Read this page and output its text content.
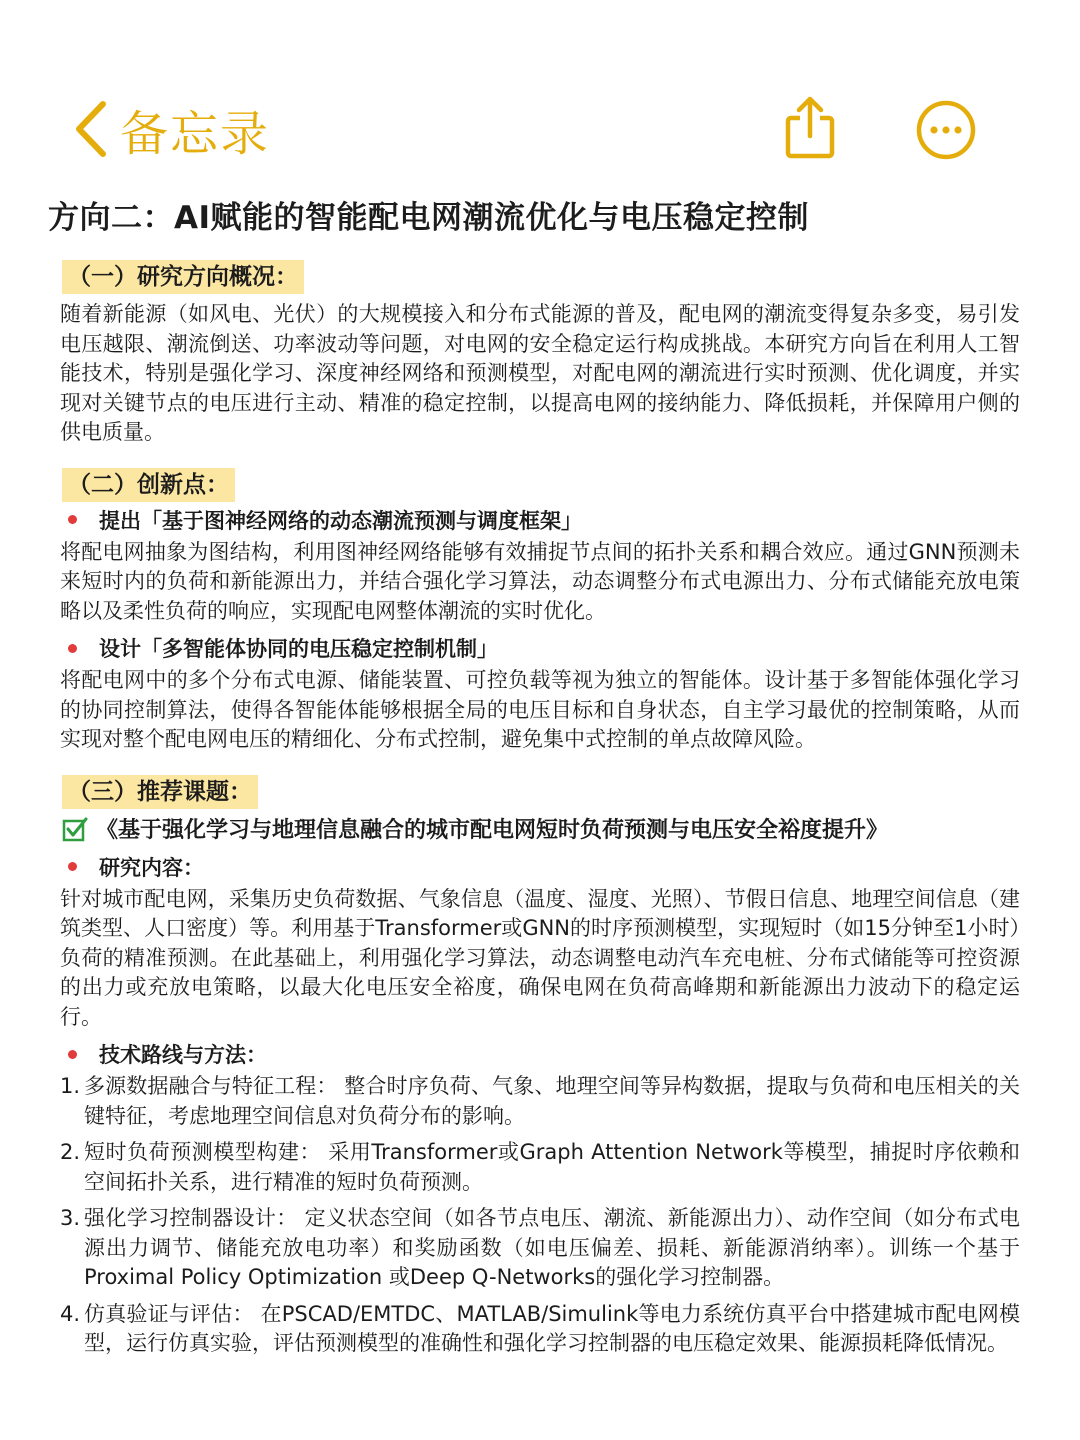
备忘录
方向二：AI赋能的智能配电网潮流优化与电压稳定控制
（一）研究方向概况：

随着新能源（如风电、光伏）的大规模接入和分布式能源的普及，配电网的潮流变得复杂多变，易引发电压越限、潮流倒送、功率波动等问题，对电网的安全稳定运行构成挑战。本研究方向旨在利用人工智能技术，特别是强化学习、深度神经网络和预测模型，对配电网的潮流进行实时预测、优化调度，并实现对关键节点的电压进行主动、精准的稳定控制，以提高电网的接纳能力、降低损耗，并保障用户侧的供电质量。

（二）创新点：
提出「基于图神经网络的动态潮流预测与调度框架」

将配电网抽象为图结构，利用图神经网络能够有效捕捉节点间的拓扑关系和耦合效应。通过GNN预测未来短时内的负荷和新能源出力，并结合强化学习算法，动态调整分布式电源出力、分布式储能充放电策略以及柔性负荷的响应，实现配电网整体潮流的实时优化。

设计「多智能体协同的电压稳定控制机制」

将配电网中的多个分布式电源、储能装置、可控负载等视为独立的智能体。设计基于多智能体强化学习的协同控制算法，使得各智能体能够根据全局的电压目标和自身状态，自主学习最优的控制策略，从而实现对整个配电网电压的精细化、分布式控制，避免集中式控制的单点故障风险。

（三）推荐课题：
《基于强化学习与地理信息融合的城市配电网短时负荷预测与电压安全裕度提升》
研究内容：

针对城市配电网，采集历史负荷数据、气象信息（温度、湿度、光照）、节假日信息、地理空间信息（建筑类型、人口密度）等。利用基于Transformer或GNN的时序预测模型，实现短时（如15分钟至1小时）负荷的精准预测。在此基础上，利用强化学习算法，动态调整电动汽车充电桩、分布式储能等可控资源的出力或充放电策略，以最大化电压安全裕度，确保电网在负荷高峰期和新能源出力波动下的稳定运行。

技术路线与方法：
1. 多源数据融合与特征工程： 整合时序负荷、气象、地理空间等异构数据，提取与负荷和电压相关的关键特征，考虑地理空间信息对负荷分布的影响。
2. 短时负荷预测模型构建： 采用Transformer或Graph Attention Network等模型，捕捉时序依赖和空间拓扑关系，进行精准的短时负荷预测。
3. 强化学习控制器设计： 定义状态空间（如各节点电压、潮流、新能源出力）、动作空间（如分布式电源出力调节、储能充放电功率）和奖励函数（如电压偏差、损耗、新能源消纳率）。训练一个基于Proximal Policy Optimization 或Deep Q-Networks的强化学习控制器。
4. 仿真验证与评估： 在PSCAD/EMTDC、MATLAB/Simulink等电力系统仿真平台中搭建城市配电网模型，运行仿真实验，评估预测模型的准确性和强化学习控制器的电压稳定效果、能源损耗降低情况。
